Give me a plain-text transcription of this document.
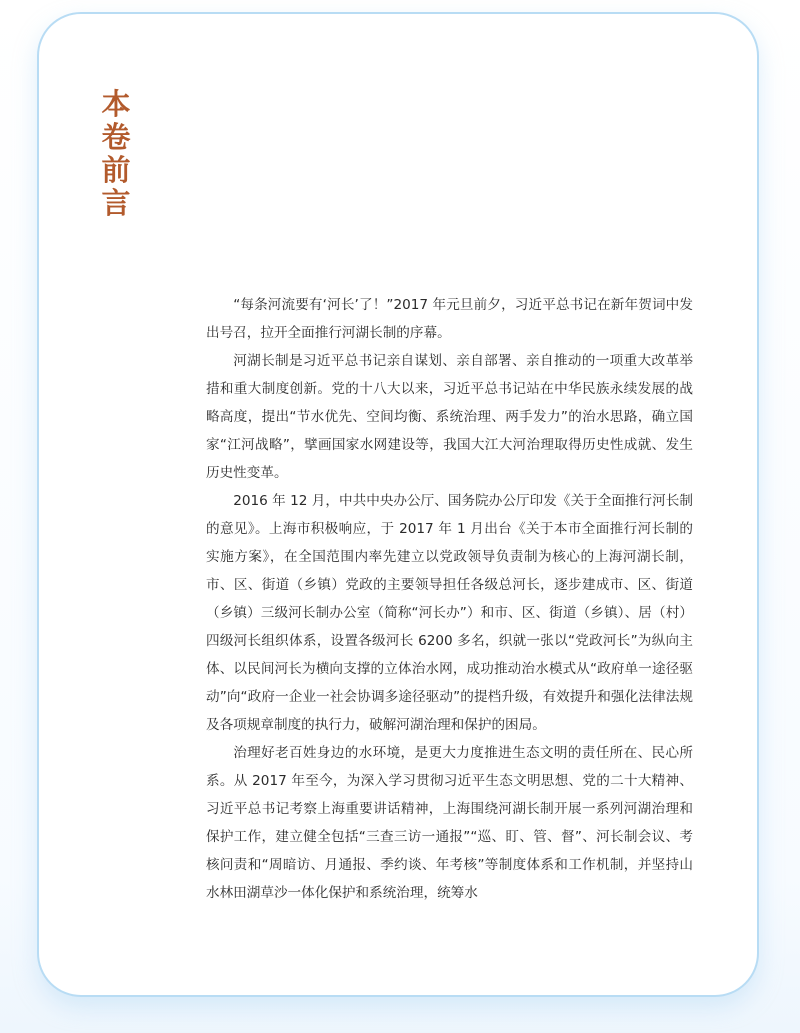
本
卷
前
言

“每条河流要有‘河长’了！”2017 年元旦前夕，习近平总书记在新年贺词中发出号召，拉开全面推行河湖长制的序幕。

河湖长制是习近平总书记亲自谋划、亲自部署、亲自推动的一项重大改革举措和重大制度创新。党的十八大以来，习近平总书记站在中华民族永续发展的战略高度，提出“节水优先、空间均衡、系统治理、两手发力”的治水思路，确立国家“江河战略”，擘画国家水网建设等，我国大江大河治理取得历史性成就、发生历史性变革。

2016 年 12 月，中共中央办公厅、国务院办公厅印发《关于全面推行河长制的意见》。上海市积极响应，于 2017 年 1 月出台《关于本市全面推行河长制的实施方案》，在全国范围内率先建立以党政领导负责制为核心的上海河湖长制，市、区、街道（乡镇）党政的主要领导担任各级总河长，逐步建成市、区、街道（乡镇）三级河长制办公室（简称“河长办”）和市、区、街道（乡镇）、居（村）四级河长组织体系，设置各级河长 6200 多名，织就一张以“党政河长”为纵向主体、以民间河长为横向支撑的立体治水网，成功推动治水模式从“政府单一途径驱动”向“政府一企业一社会协调多途径驱动”的提档升级，有效提升和强化法律法规及各项规章制度的执行力，破解河湖治理和保护的困局。

治理好老百姓身边的水环境，是更大力度推进生态文明的责任所在、民心所系。从 2017 年至今，为深入学习贯彻习近平生态文明思想、党的二十大精神、习近平总书记考察上海重要讲话精神，上海围绕河湖长制开展一系列河湖治理和保护工作，建立健全包括“三查三访一通报”“巡、盯、管、督”、河长制会议、考核问责和“周暗访、月通报、季约谈、年考核”等制度体系和工作机制，并坚持山水林田湖草沙一体化保护和系统治理，统筹水
